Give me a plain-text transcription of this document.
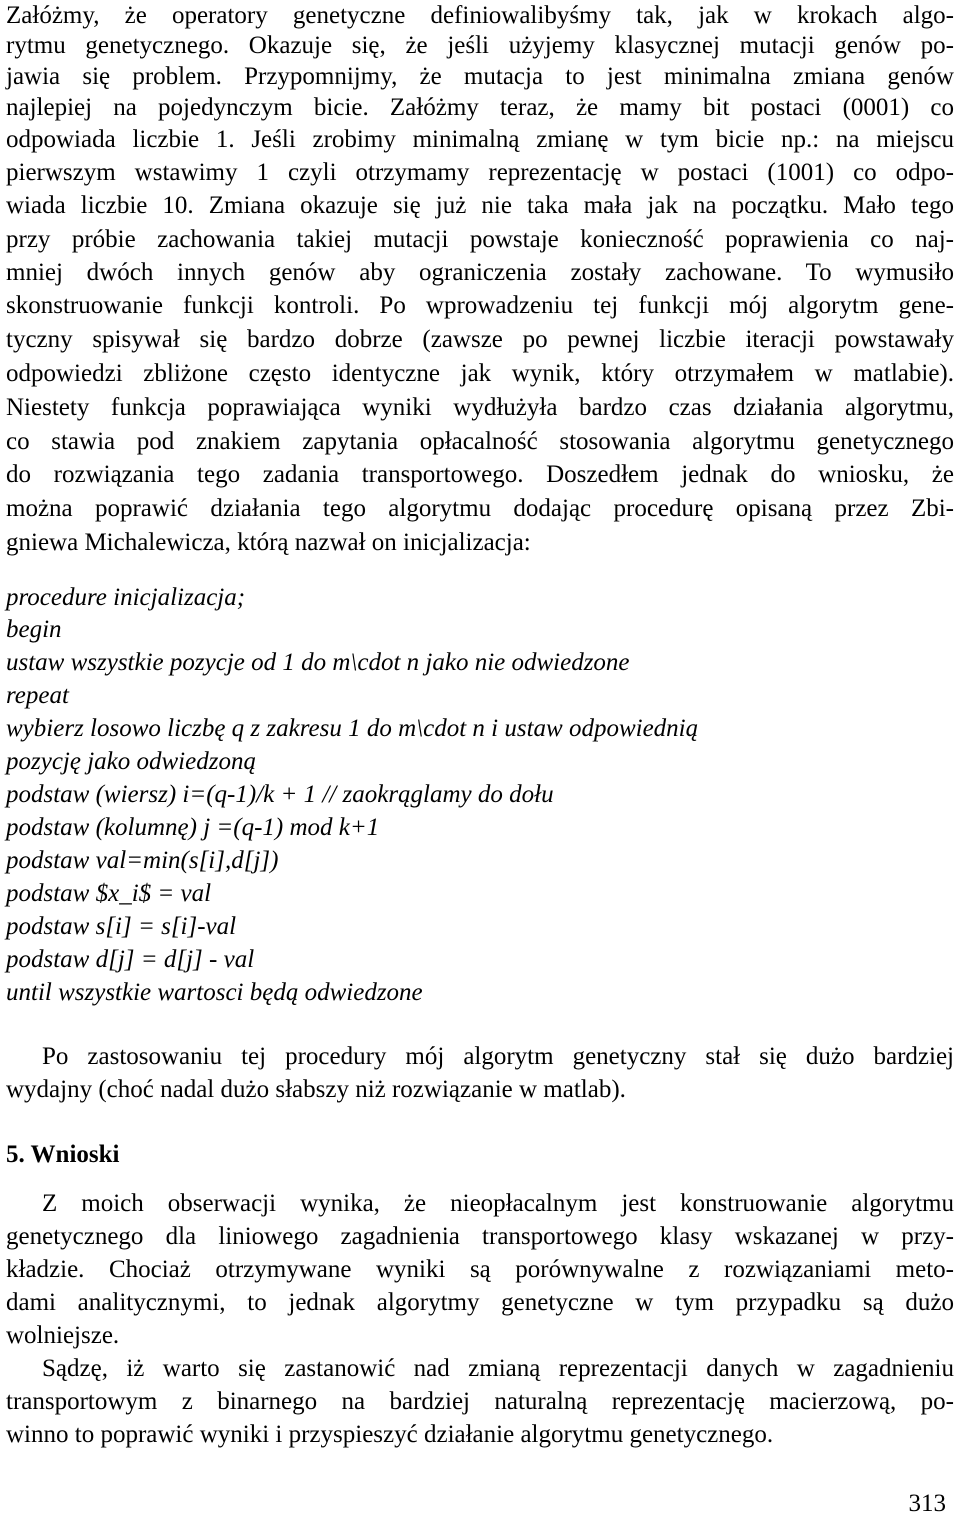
Załóżmy, że operatory genetyczne definiowalibyśmy tak, jak w krokach algo-
rytmu genetycznego. Okazuje się, że jeśli użyjemy klasycznej mutacji genów po-
jawia się problem. Przypomnijmy, że mutacja to jest minimalna zmiana genów
najlepiej na pojedynczym bicie. Załóżmy teraz, że mamy bit postaci (0001) co
odpowiada liczbie 1. Jeśli zrobimy minimalną zmianę w tym bicie np.: na miejscu
pierwszym wstawimy 1 czyli otrzymamy reprezentację w postaci (1001) co odpo-
wiada liczbie 10. Zmiana okazuje się już nie taka mała jak na początku. Mało tego
przy próbie zachowania takiej mutacji powstaje konieczność poprawienia co naj-
mniej dwóch innych genów aby ograniczenia zostały zachowane. To wymusiło
skonstruowanie funkcji kontroli. Po wprowadzeniu tej funkcji mój algorytm gene-
tyczny spisywał się bardzo dobrze (zawsze po pewnej liczbie iteracji powstawały
odpowiedzi zbliżone często identyczne jak wynik, który otrzymałem w matlabie).
Niestety funkcja poprawiająca wyniki wydłużyła bardzo czas działania algorytmu,
co stawia pod znakiem zapytania opłacalność stosowania algorytmu genetycznego
do rozwiązania tego zadania transportowego. Doszedłem jednak do wniosku, że
można poprawić działania tego algorytmu dodając procedurę opisaną przez Zbi-
gniewa Michalewicza, którą nazwał on inicjalizacja:
procedure inicjalizacja;
begin
ustaw wszystkie pozycje od 1 do m\cdot n jako nie odwiedzone
repeat
wybierz losowo liczbę q z zakresu 1 do m\cdot n i ustaw odpowiednią
pozycję jako odwiedzoną
podstaw (wiersz) i=(q-1)/k + 1 // zaokrąglamy do dołu
podstaw (kolumnę) j =(q-1) mod k+1
podstaw val=min(s[i],d[j])
podstaw $x_i$ = val
podstaw s[i] = s[i]-val
podstaw d[j] = d[j] - val
until wszystkie wartosci będą odwiedzone
Po zastosowaniu tej procedury mój algorytm genetyczny stał się dużo bardziej
wydajny (choć nadal dużo słabszy niż rozwiązanie w matlab).
5. Wnioski
Z moich obserwacji wynika, że nieopłacalnym jest konstruowanie algorytmu
genetycznego dla liniowego zagadnienia transportowego klasy wskazanej w przy-
kładzie. Chociaż otrzymywane wyniki są porównywalne z rozwiązaniami meto-
dami analitycznymi, to jednak algorytmy genetyczne w tym przypadku są dużo
wolniejsze.
Sądzę, iż warto się zastanowić nad zmianą reprezentacji danych w zagadnieniu
transportowym z binarnego na bardziej naturalną reprezentację macierzową, po-
winno to poprawić wyniki i przyspieszyć działanie algorytmu genetycznego.
313
